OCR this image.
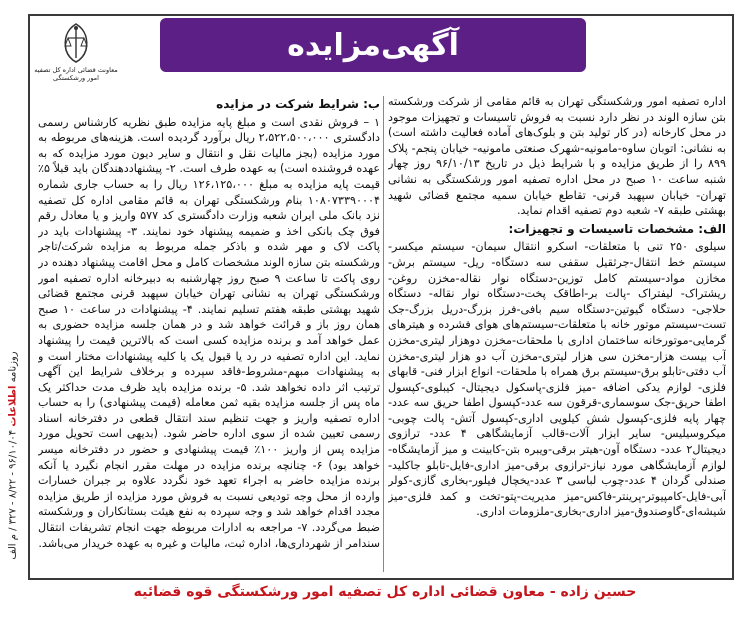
معاونت قضائی اداره کل تصفیه امور ورشکستگی
آگهی‌مزایده

اداره تصفیه امور ورشکستگی تهران به قائم مقامی از شرکت ورشکسته بتن سازه الوند در نظر دارد نسبت به فروش تاسیسات و تجهیزات موجود در محل کارخانه (در کار تولید بتن و بلوک‌های آماده فعالیت داشته است) به نشانی: اتوبان ساوه-مامونیه-شهرک صنعتی مامونیه- خیابان پنجم- پلاک ۸۹۹ را از طریق مزایده و با شرایط ذیل در تاریخ ۹۶/۱۰/۱۳ روز چهار شنبه ساعت ۱۰ صبح در محل اداره تصفیه امور ورشکستگی به نشانی تهران- خیابان سپهبد قرنی- تقاطع خیابان سمیه مجتمع قضائی شهید بهشتی طبقه ۷- شعبه دوم تصفیه اقدام نماید.

الف: مشخصات تاسیسات و تجهیزات:

سیلوی ۲۵۰ تنی با متعلقات- اسکرو انتقال سیمان- سیستم میکسر-سیستم خط انتقال-جرثقیل سقفی سه دستگاه- ریل- سیستم برش-مخازن مواد-سیستم کامل توزین-دستگاه نوار نقاله-مخزن روغن-ریشتراک- لیفتراک -پالت بر-اطاقک پخت-دستگاه نوار نقاله- دستگاه حلاجی- دستگاه گیوتین-دستگاه سیم بافی-فرز بزرگ-دریل بزرگ-جک تست-سیستم موتور خانه با متعلقات-سیستم‌های هوای فشرده و هیترهای گرمایی-موتورخانه ساختمان اداری با ملحقات-مخزن دوهزار لیتری-مخزن آب بیست هزار-مخزن سی هزار لیتری-مخزن آب دو هزار لیتری-مخزن آب دفتی-تابلو برق-سیستم برق همراه با ملحقات- انواع ابزار فنی- قابهای فلزی- لوازم یدکی اضافه -میز فلزی-پاسکول دیجیتال- کیبلوی-کپسول اطفا حریق-جک سوسماری-قرقون سه عدد-کپسول اطفا حریق سه عدد- چهار پایه فلزی-کپسول شش کیلویی اداری-کپسول آتش- پالت چوبی-میکروسیلیس- سایر ابزار آلات-قالب آزمایشگاهی ۴ عدد- ترازوی دیجیتال۲ عدد- دستگاه آون-هیتر برقی-ویبره بتن-کابینت و میز آزمایشگاه-لوازم آزمایشگاهی مورد نیاز-ترازوی برقی-میز اداری-فایل-تابلو جاکلید-صندلی گردان ۴ عدد-چوب لباسی ۳ عدد-یخچال فیلور-بخاری گازی-کولر آبی-فایل-کامپیوتر-پرینتر-فاکس-میز مدیریت-پتو-تخت و کمد فلزی-میز شیشه‌ای-گاوصندوق-میز اداری-بخاری-ملزومات اداری.

ب: شرایط شرکت در مزایده

۱ – فروش نقدی است و مبلغ پایه مزایده طبق نظریه کارشناس رسمی دادگستری ۲،۵۲۲،۵۰۰،۰۰۰ ریال برآورد گردیده است. هزینه‌های مربوطه به مورد مزایده (بجز مالیات نقل و انتقال و سایر دیون مورد مزایده که به عهده فروشنده است) به عهده طرف است. ۲- پیشنهاددهندگان باید قبلاً ۵٪ قیمت پایه مزایده به مبلغ ۱۲۶،۱۲۵،۰۰۰ ریال را به حساب جاری شماره ۱۰۸۰۷۳۳۹۰۰۰۴ بنام ورشکستگی تهران به قائم مقامی اداره کل تصفیه نزد بانک ملی ایران شعبه وزارت دادگستری کد ۵۷۷ واریز و یا معادل رقم فوق چک بانکی اخذ و ضمیمه پیشنهاد خود نمایند. ۳- پیشنهادات باید در پاکت لاک و مهر شده و باذکر جمله مربوط به مزایده شرکت/تاجر ورشکسته بتن سازه الوند مشخصات کامل و محل اقامت پیشنهاد دهنده در روی پاکت تا ساعت ۹ صبح روز چهارشنبه به دبیرخانه اداره تصفیه امور ورشکستگی تهران به نشانی تهران خیابان سپهبد قرنی مجتمع قضائی شهید بهشتی طبقه هفتم تسلیم نمایند. ۴- پیشنهادات در ساعت ۱۰ صبح همان روز باز و قرائت خواهد شد و در همان جلسه مزایده حضوری به عمل خواهد آمد و برنده مزایده کسی است که بالاترین قیمت را پیشنهاد نماید. این اداره تصفیه در رد یا قبول یک یا کلیه پیشنهادات مختار است و به پیشنهادات مبهم-مشروط-فاقد سپرده و برخلاف شرایط این آگهی ترتیب اثر داده نخواهد شد. ۵- برنده مزایده باید ظرف مدت حداکثر یک ماه پس از جلسه مزایده بقیه ثمن معامله (قیمت پیشنهادی) را به حساب اداره تصفیه واریز و جهت تنظیم سند انتقال قطعی در دفترخانه اسناد رسمی تعیین شده از سوی اداره حاضر شود. (بدیهی است تحویل مورد مزایده پس از واریز ۱۰۰٪ قیمت پیشنهادی و حضور در دفترخانه میسر خواهد بود) ۶- چنانچه برنده مزایده در مهلت مقرر انجام نگیرد یا آنکه برنده مزایده حاضر به اجراء تعهد خود نگردد علاوه بر جبران خسارات وارده از محل وجه تودیعی نسبت به فروش مورد مزایده از طریق مزایده مجدد اقدام خواهد شد و وجه سپرده به نفع هیئت بستانکاران و ورشکسته ضبط می‌گردد. ۷- مراجعه به ادارات مربوطه جهت انجام تشریفات انتقال سندامر از شهرداری‌ها، اداره ثبت، مالیات و غیره به عهده خریدار می‌باشد.

حسین زاده - معاون قضائی اداره کل تصفیه امور ورشکستگی قوه قضائیه
روزنامه اطلاعات ۹۶/۱۰/۰۴ - ۸/۲۲ - ۳۲۷ / م الف
